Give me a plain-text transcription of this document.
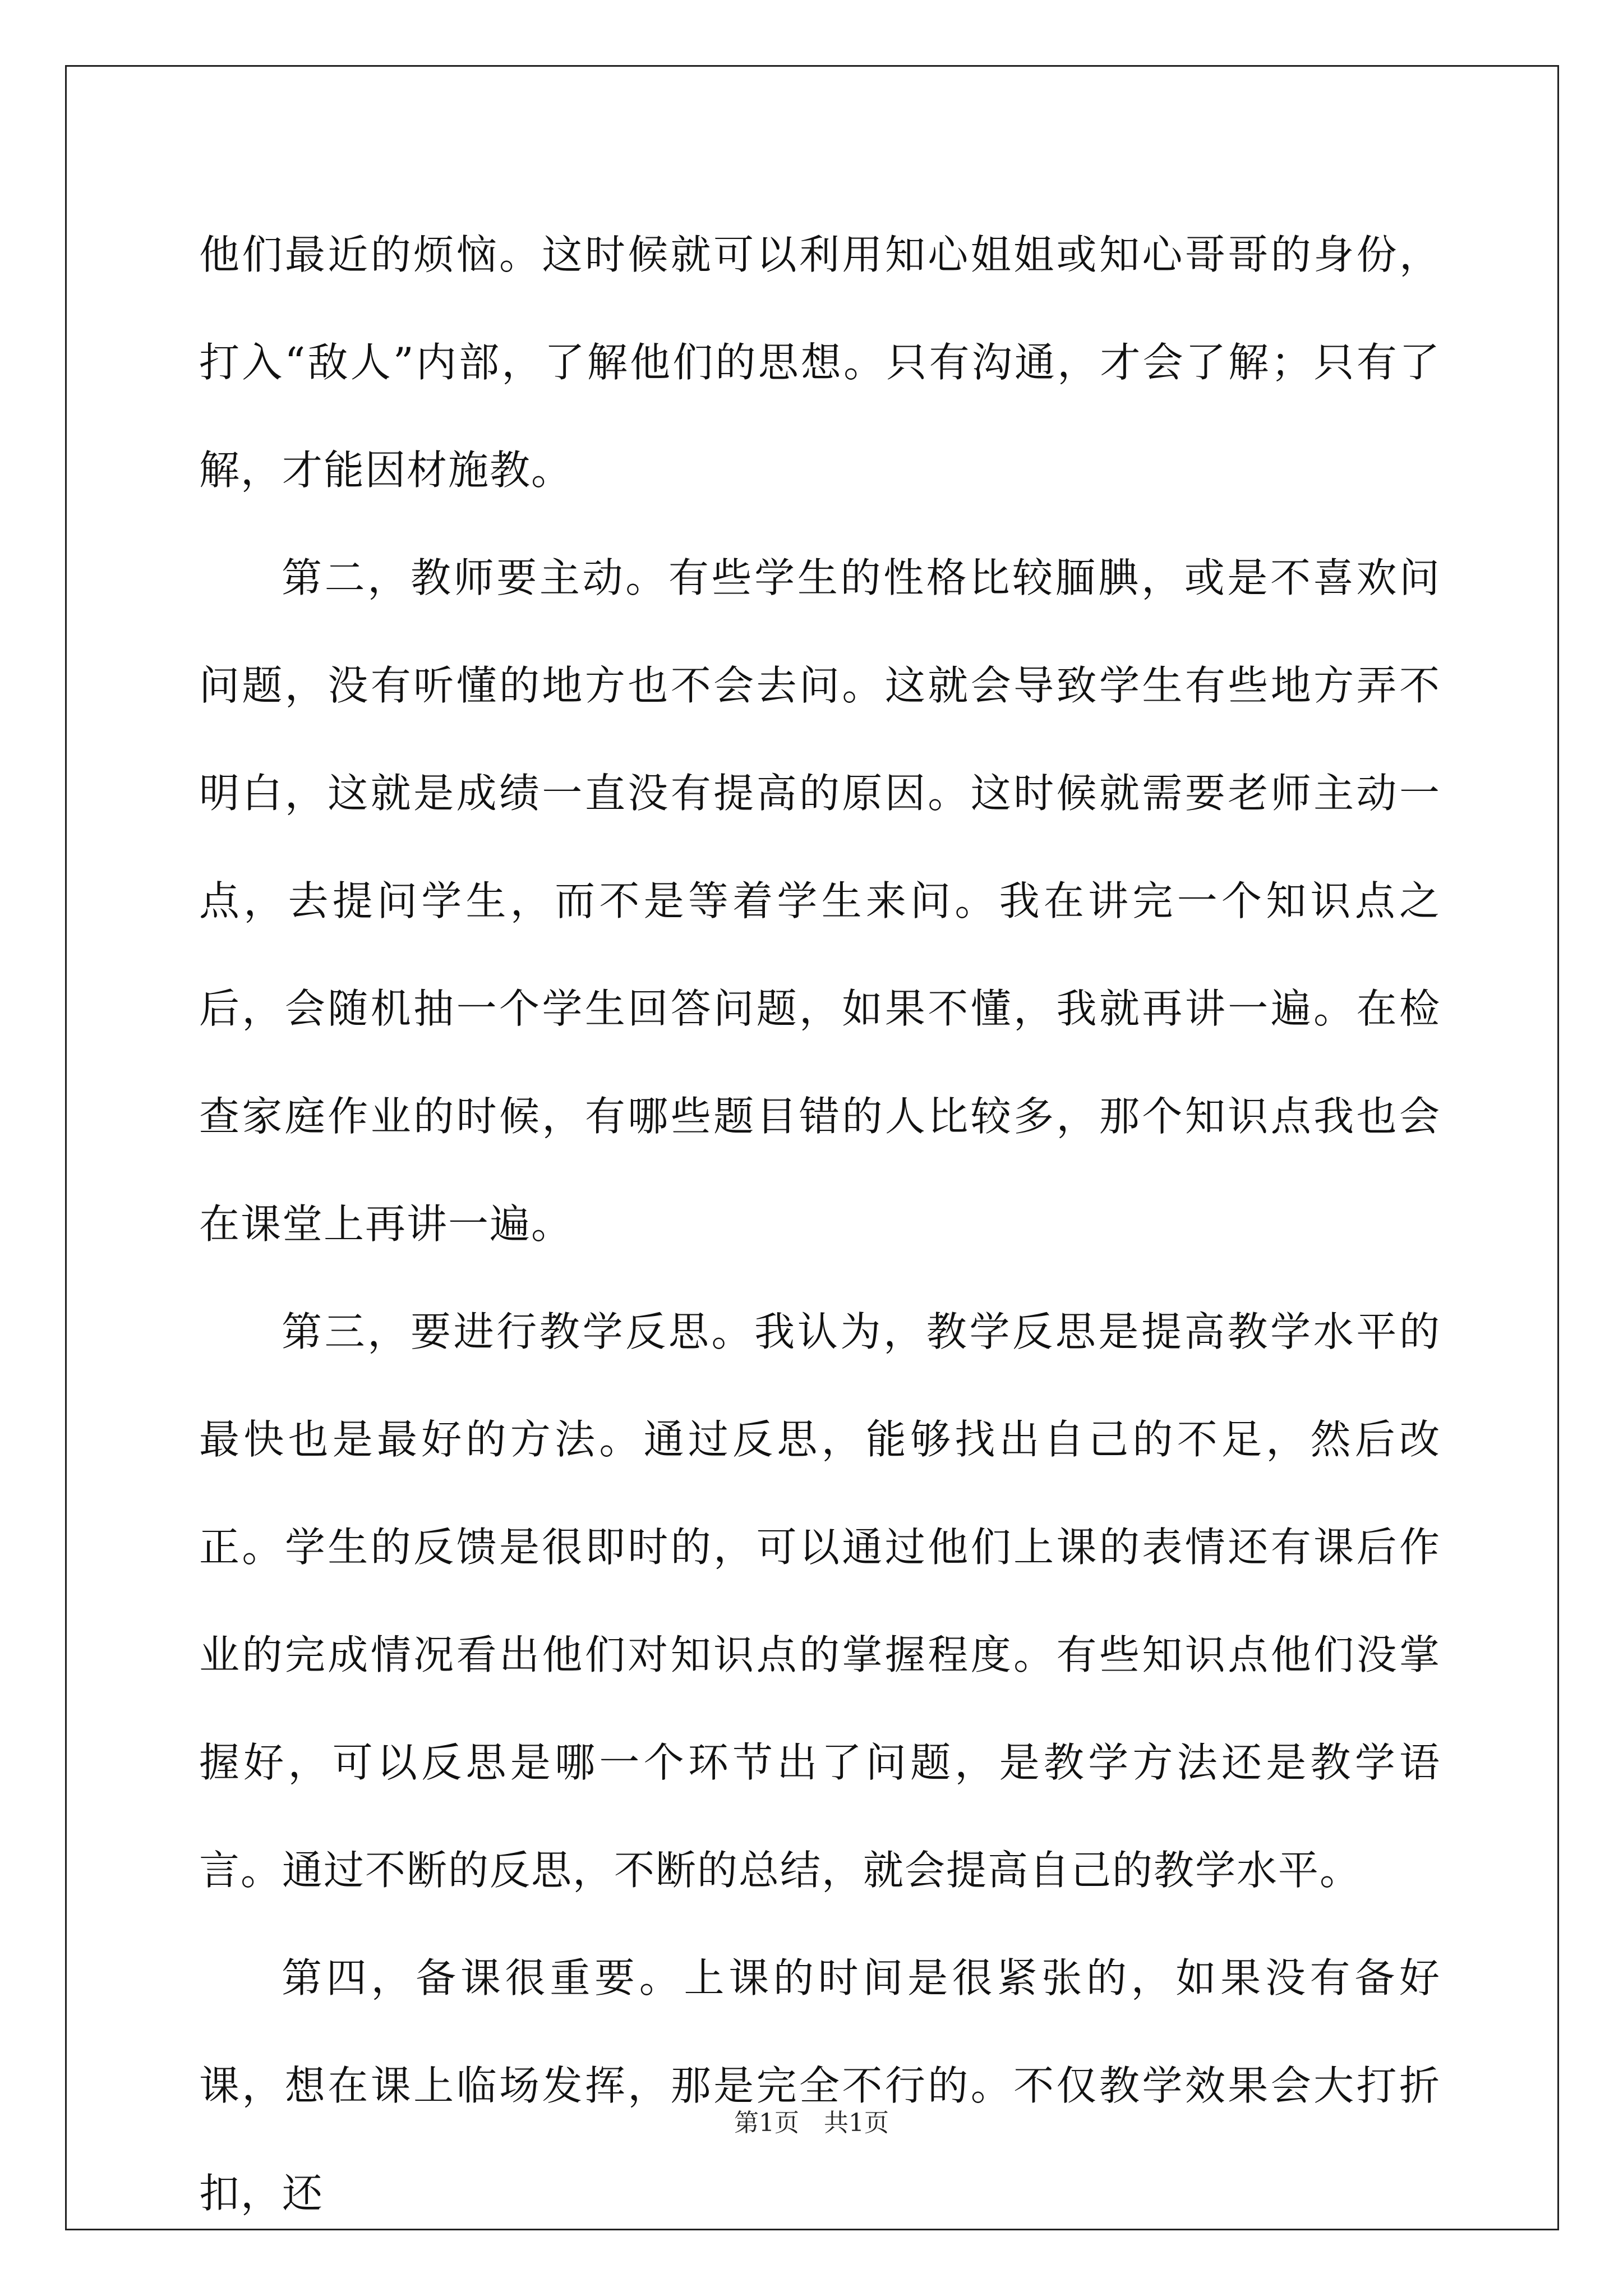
他们最近的烦恼。这时候就可以利用知心姐姐或知心哥哥的身份，打入“敌人”内部，了解他们的思想。只有沟通，才会了解；只有了解，才能因材施教。

第二，教师要主动。有些学生的性格比较腼腆，或是不喜欢问问题，没有听懂的地方也不会去问。这就会导致学生有些地方弄不明白，这就是成绩一直没有提高的原因。这时候就需要老师主动一点，去提问学生，而不是等着学生来问。我在讲完一个知识点之后，会随机抽一个学生回答问题，如果不懂，我就再讲一遍。在检查家庭作业的时候，有哪些题目错的人比较多，那个知识点我也会在课堂上再讲一遍。

第三，要进行教学反思。我认为，教学反思是提高教学水平的最快也是最好的方法。通过反思，能够找出自己的不足，然后改正。学生的反馈是很即时的，可以通过他们上课的表情还有课后作业的完成情况看出他们对知识点的掌握程度。有些知识点他们没掌握好，可以反思是哪一个环节出了问题，是教学方法还是教学语言。通过不断的反思，不断的总结，就会提高自己的教学水平。

第四，备课很重要。上课的时间是很紧张的，如果没有备好课，想在课上临场发挥，那是完全不行的。不仅教学效果会大打折扣，还

第1页 共1页
